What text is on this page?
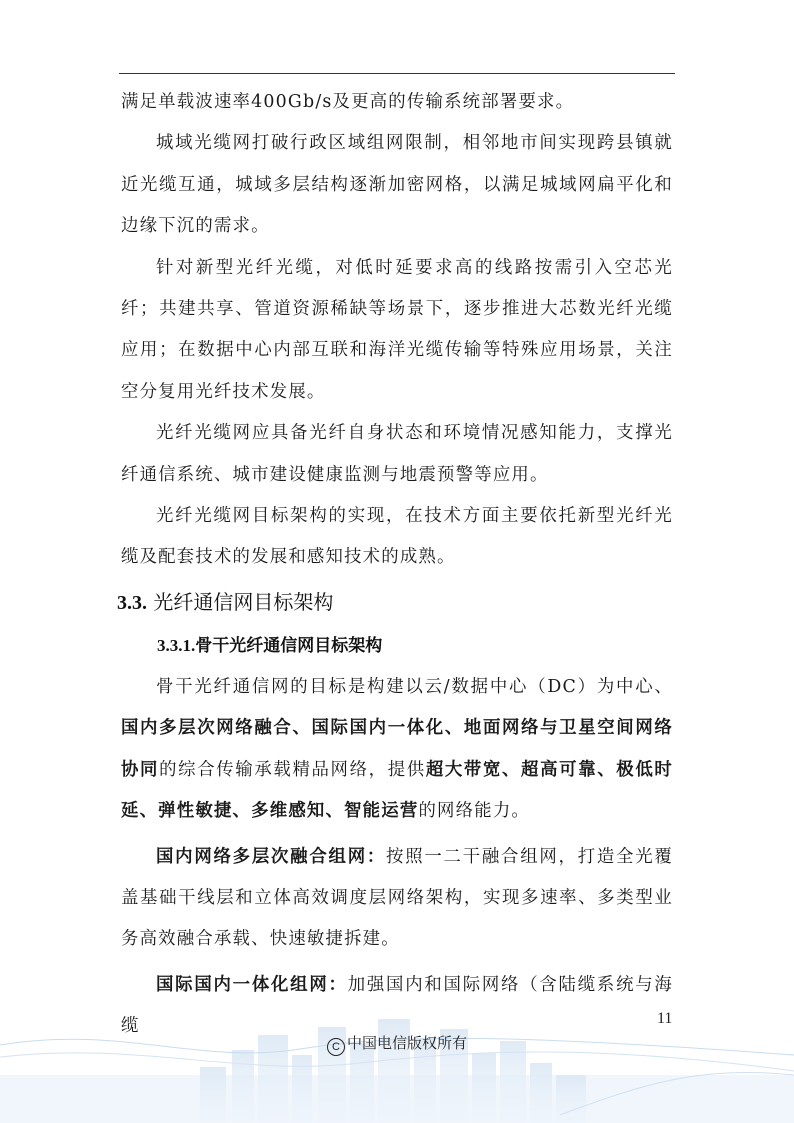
满足单载波速率400Gb/s及更高的传输系统部署要求。

城域光缆网打破行政区域组网限制，相邻地市间实现跨县镇就近光缆互通，城域多层结构逐渐加密网格，以满足城域网扁平化和边缘下沉的需求。

针对新型光纤光缆，对低时延要求高的线路按需引入空芯光纤；共建共享、管道资源稀缺等场景下，逐步推进大芯数光纤光缆应用；在数据中心内部互联和海洋光缆传输等特殊应用场景，关注空分复用光纤技术发展。

光纤光缆网应具备光纤自身状态和环境情况感知能力，支撑光纤通信系统、城市建设健康监测与地震预警等应用。

光纤光缆网目标架构的实现，在技术方面主要依托新型光纤光缆及配套技术的发展和感知技术的成熟。

3.3. 光纤通信网目标架构
3.3.1.骨干光纤通信网目标架构

骨干光纤通信网的目标是构建以云/数据中心（DC）为中心、国内多层次网络融合、国际国内一体化、地面网络与卫星空间网络协同的综合传输承载精品网络，提供超大带宽、超高可靠、极低时延、弹性敏捷、多维感知、智能运营的网络能力。

国内网络多层次融合组网：按照一二干融合组网，打造全光覆盖基础干线层和立体高效调度层网络架构，实现多速率、多类型业务高效融合承载、快速敏捷拆建。

国际国内一体化组网：加强国内和国际网络（含陆缆系统与海缆	11
C 中国电信版权所有
